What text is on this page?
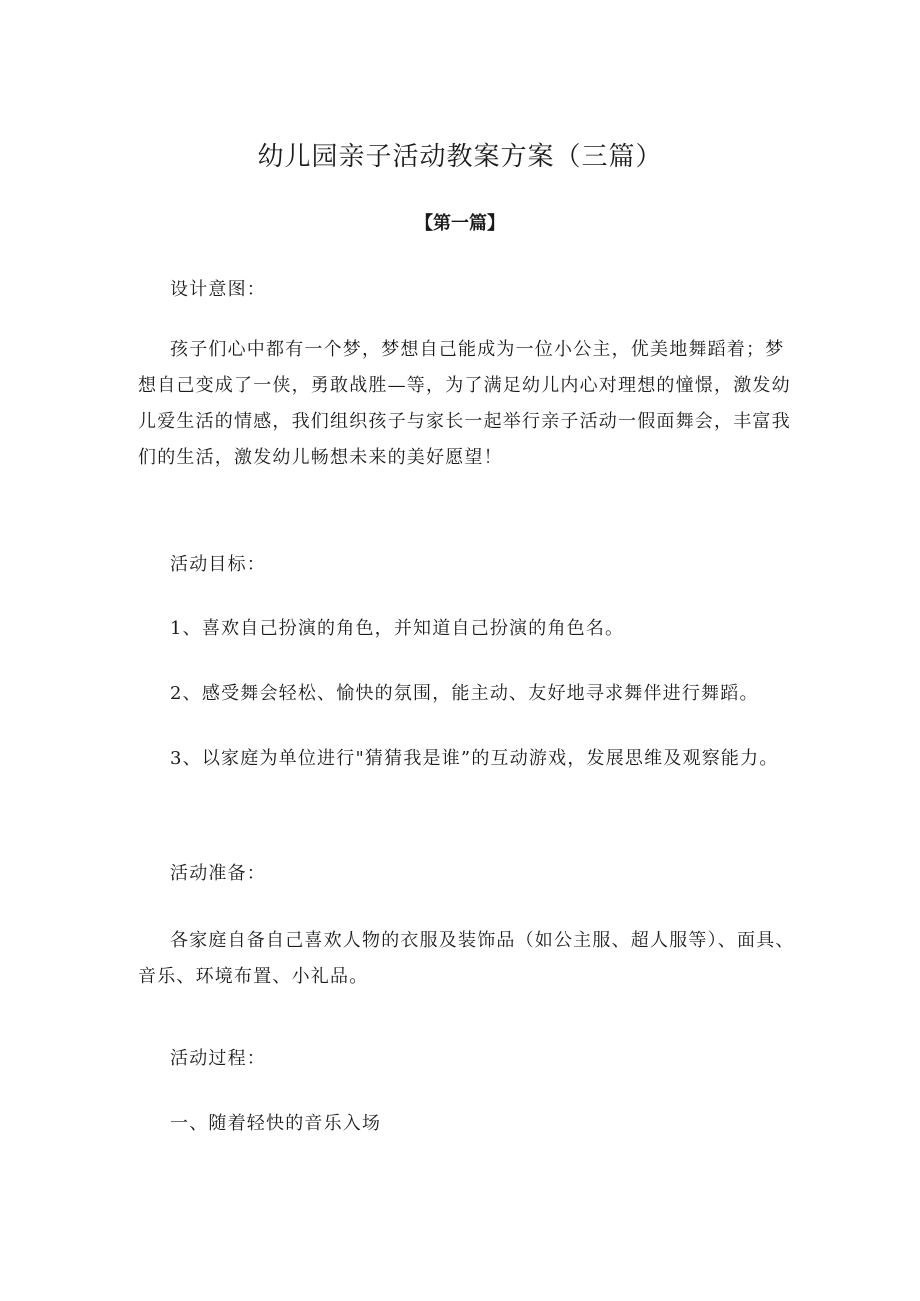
幼儿园亲子活动教案方案（三篇）
【第一篇】

设计意图：

孩子们心中都有一个梦，梦想自己能成为一位小公主，优美地舞蹈着；梦想自己变成了一侠，勇敢战胜—等，为了满足幼儿内心对理想的憧憬，激发幼儿爱生活的情感，我们组织孩子与家长一起举行亲子活动一假面舞会，丰富我们的生活，激发幼儿畅想未来的美好愿望！

活动目标：

1、喜欢自己扮演的角色，并知道自己扮演的角色名。

2、感受舞会轻松、愉快的氛围，能主动、友好地寻求舞伴进行舞蹈。

3、以家庭为单位进行"猜猜我是谁”的互动游戏，发展思维及观察能力。

活动准备：

各家庭自备自己喜欢人物的衣服及装饰品（如公主服、超人服等）、面具、音乐、环境布置、小礼品。

活动过程：

一、随着轻快的音乐入场
